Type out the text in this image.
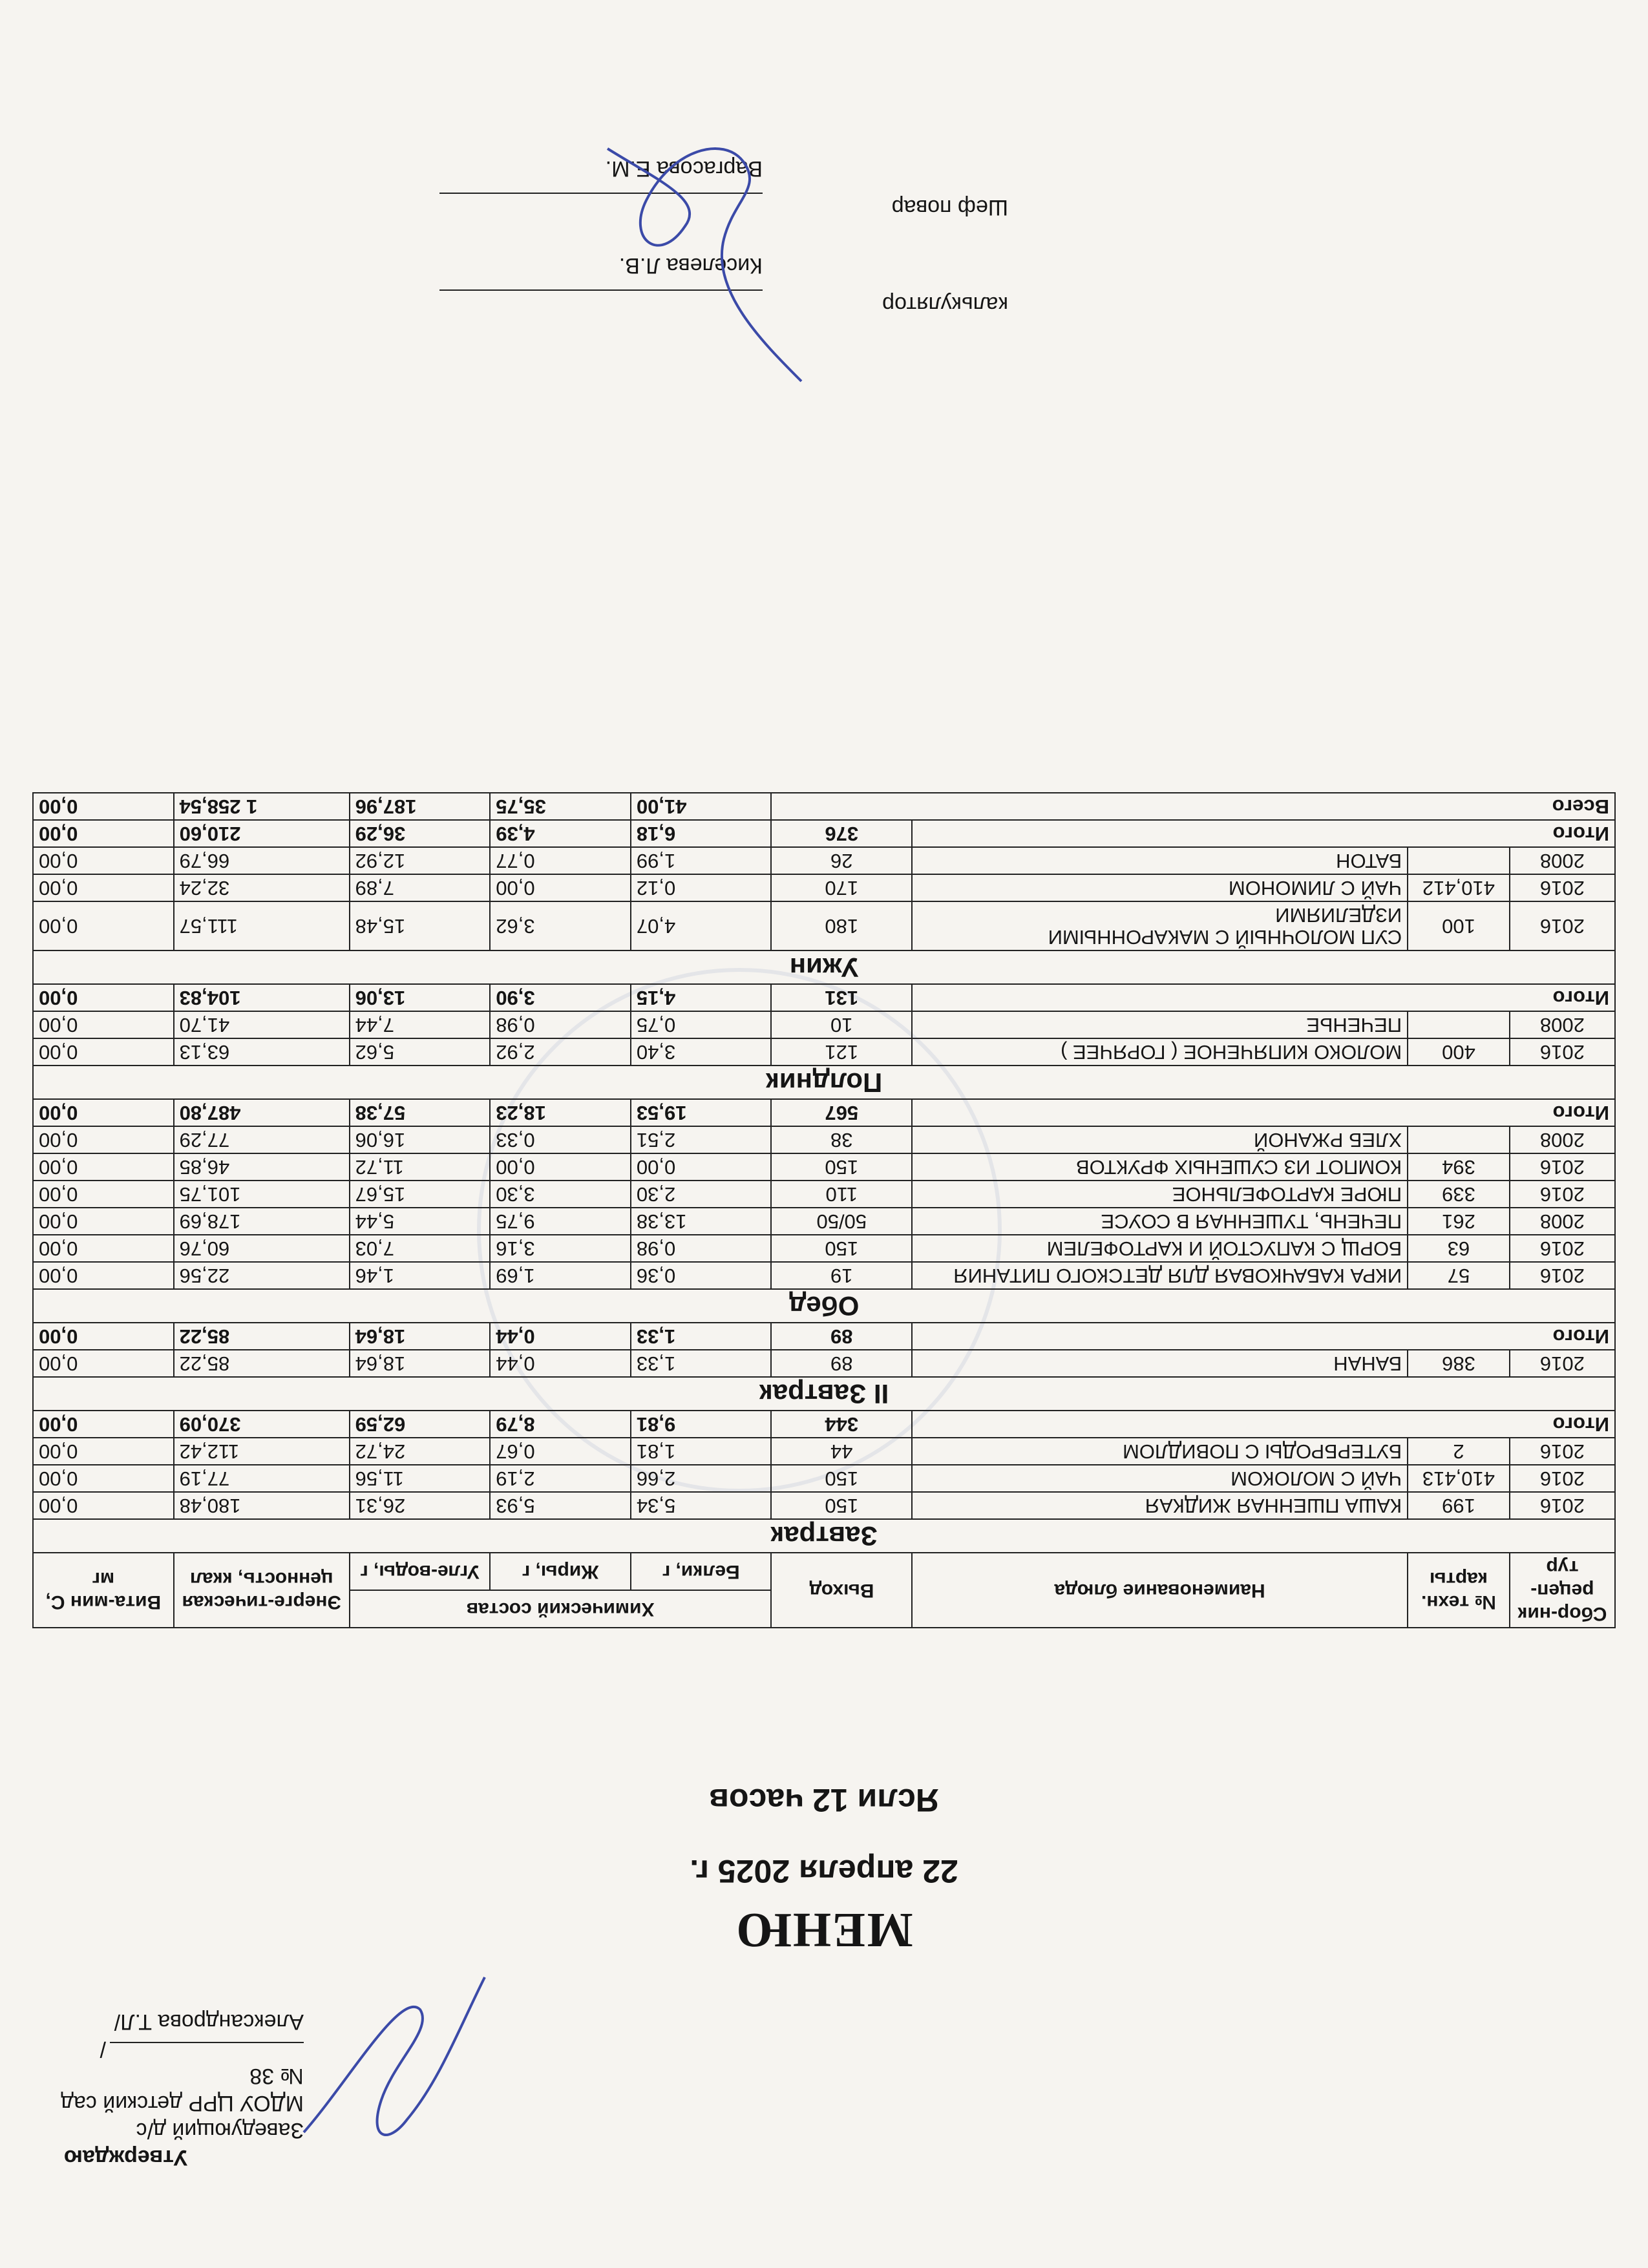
Утверждаю
Заведующий д/с
МДОУ ЦРР детский сад № 38
/Александрова Т.Л/
МЕНЮ
22 апреля 2025 г.
Ясли 12 часов
Сбор-ник рецеп-тур	№ техн. карты	Наименование блюда	Выход	Химический состав			Энерге-тическая ценность, ккал	Вита-мин С, мг
				Белки, г	Жиры, г	Угле-воды, г		
Завтрак								
2016	199	КАША ПШЕННАЯ ЖИДКАЯ	150	5,34	5,93	26,31	180,48	0,00
2016	410,413	ЧАЙ С МОЛОКОМ	150	2,66	2,19	11,56	77,19	0,00
2016	2	БУТЕРБРОДЫ С ПОВИДЛОМ	44	1,81	0,67	24,72	112,42	0,00
Итого			344	9,81	8,79	62,59	370,09	0,00
II Завтрак								
2016	386	БАНАН	89	1,33	0,44	18,64	85,22	0,00
Итого			89	1,33	0,44	18,64	85,22	0,00
Обед								
2016	57	ИКРА КАБАЧКОВАЯ ДЛЯ ДЕТСКОГО ПИТАНИЯ	19	0,36	1,69	1,46	22,56	0,00
2016	63	БОРЩ С КАПУСТОЙ И КАРТОФЕЛЕМ	150	0,98	3,16	7,03	60,76	0,00
2008	261	ПЕЧЕНЬ, ТУШЕННАЯ В СОУСЕ	50/50	13,38	9,75	5,44	178,69	0,00
2016	339	ПЮРЕ КАРТОФЕЛЬНОЕ	110	2,30	3,30	15,67	101,75	0,00
2016	394	КОМПОТ ИЗ СУШЕНЫХ ФРУКТОВ	150	0,00	0,00	11,72	46,85	0,00
2008		ХЛЕБ РЖАНОЙ	38	2,51	0,33	16,06	77,29	0,00
Итого			567	19,53	18,23	57,38	487,80	0,00
Полдник								
2016	400	МОЛОКО КИПЯЧЕНОЕ ( ГОРЯЧЕЕ )	121	3,40	2,92	5,62	63,13	0,00
2008		ПЕЧЕНЬЕ	10	0,75	0,98	7,44	41,70	0,00
Итого			131	4,15	3,90	13,06	104,83	0,00
Ужин								
2016	100	СУП МОЛОЧНЫЙ С МАКАРОННЫМИ ИЗДЕЛИЯМИ	180	4,07	3,62	15,48	111,57	0,00
2016	410,412	ЧАЙ С ЛИМОНОМ	170	0,12	0,00	7,89	32,24	0,00
2008		БАТОН	26	1,99	0,77	12,92	66,79	0,00
Итого			376	6,18	4,39	36,29	210,60	0,00
Всего				41,00	35,75	187,96	1 258,54	0,00
калькулятор
Киселева Л.В.
Шеф повар
Варгасова Е.М.
